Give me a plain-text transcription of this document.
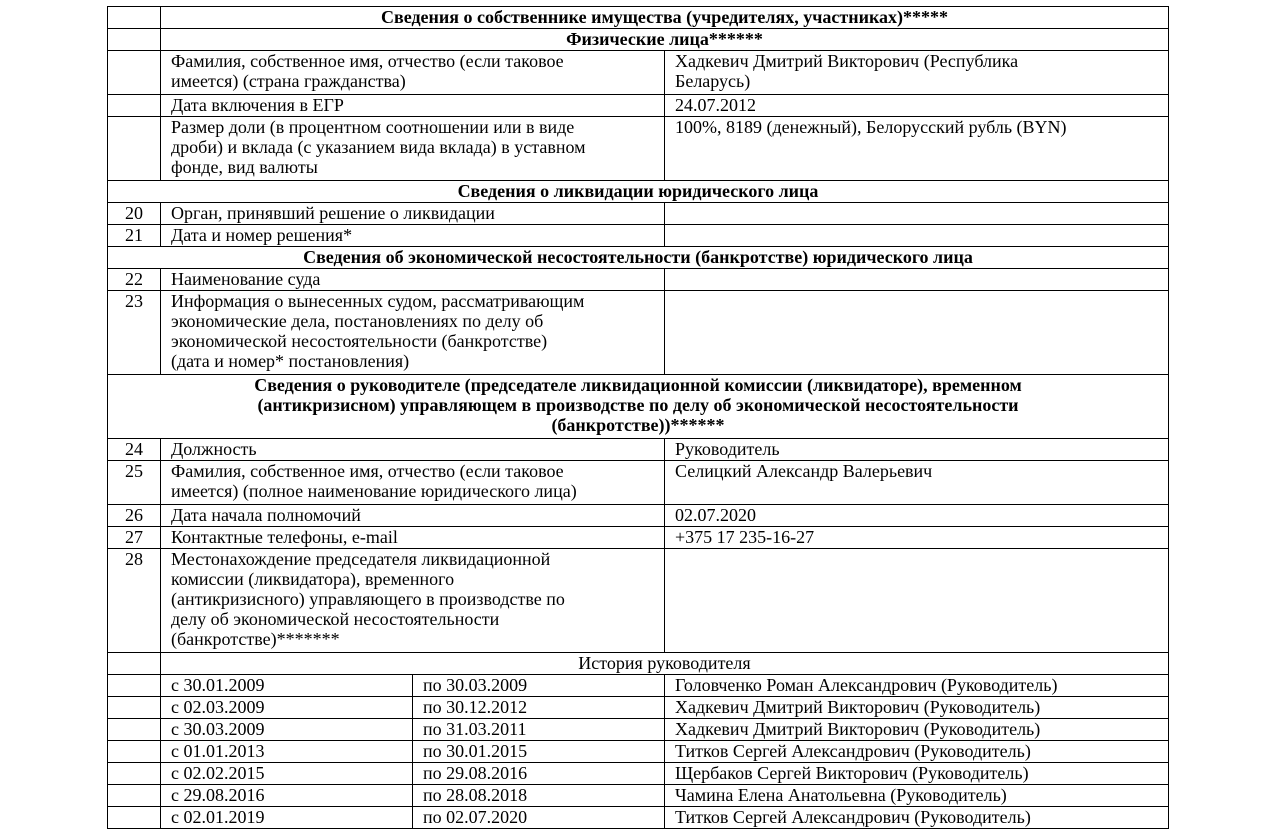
	Сведения о собственнике имущества (учредителях, участниках)*****		
	Физические лица******		
	Фамилия, собственное имя, отчество (если таковое
имеется) (страна гражданства)		Хадкевич Дмитрий Викторович (Республика
Беларусь)
	Дата включения в ЕГР		24.07.2012
	Размер доли (в процентном соотношении или в виде
дроби) и вклада (с указанием вида вклада) в уставном
фонде, вид валюты		100%, 8189 (денежный), Белорусский рубль (BYN)
Сведения о ликвидации юридического лица			
20	Орган, принявший решение о ликвидации		
21	Дата и номер решения*		
Сведения об экономической несостоятельности (банкротстве) юридического лица			
22	Наименование суда		
23	Информация о вынесенных судом, рассматривающим
экономические дела, постановлениях по делу об
экономической несостоятельности (банкротстве)
(дата и номер* постановления)		
Сведения о руководителе (председателе ликвидационной комиссии (ликвидаторе), временном
(антикризисном) управляющем в производстве по делу об экономической несостоятельности
(банкротстве))******			
24	Должность		Руководитель
25	Фамилия, собственное имя, отчество (если таковое
имеется) (полное наименование юридического лица)		Селицкий Александр Валерьевич
26	Дата начала полномочий		02.07.2020
27	Контактные телефоны, e-mail		+375 17 235-16-27
28	Местонахождение председателя ликвидационной
комиссии (ликвидатора), временного
(антикризисного) управляющего в производстве по
делу об экономической несостоятельности
(банкротстве)*******		
	История руководителя		
	с 30.01.2009	по 30.03.2009	Головченко Роман Александрович (Руководитель)
	с 02.03.2009	по 30.12.2012	Хадкевич Дмитрий Викторович (Руководитель)
	с 30.03.2009	по 31.03.2011	Хадкевич Дмитрий Викторович (Руководитель)
	с 01.01.2013	по 30.01.2015	Титков Сергей Александрович (Руководитель)
	с 02.02.2015	по 29.08.2016	Щербаков Сергей Викторович (Руководитель)
	с 29.08.2016	по 28.08.2018	Чамина Елена Анатольевна (Руководитель)
	с 02.01.2019	по 02.07.2020	Титков Сергей Александрович (Руководитель)
